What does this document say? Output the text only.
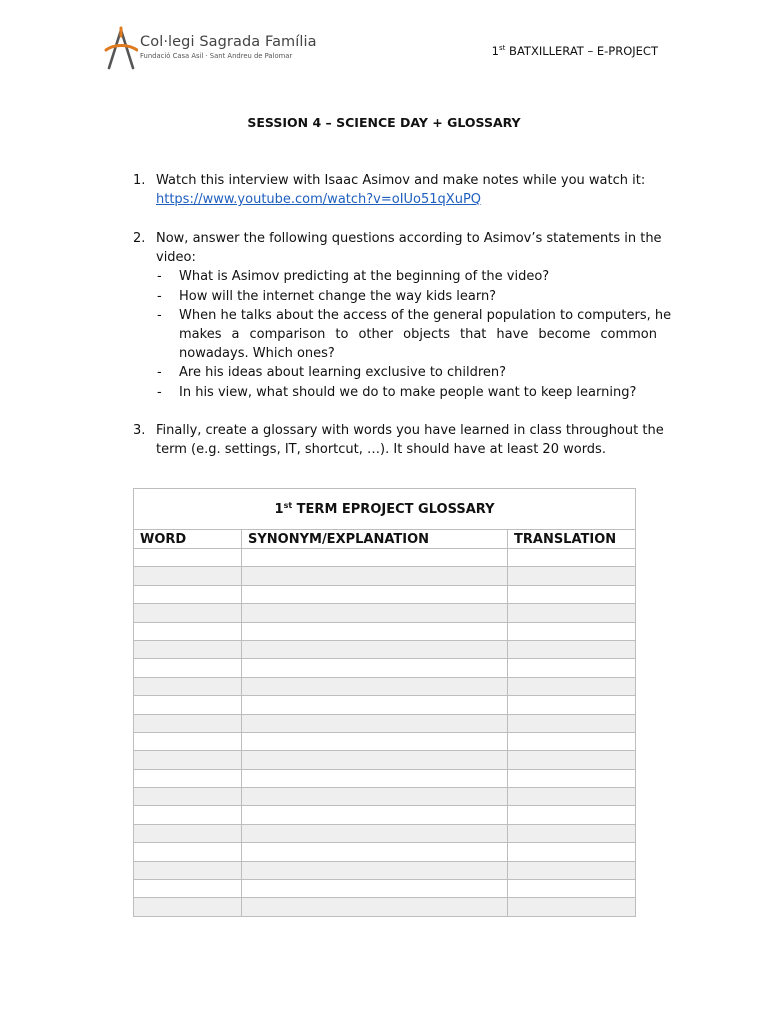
Col·legi Sagrada Família
Fundació Casa Asil · Sant Andreu de Palomar	1st BATXILLERAT – E-PROJECT
SESSION 4 – SCIENCE DAY + GLOSSARY
1. Watch this interview with Isaac Asimov and make notes while you watch it:
https://www.youtube.com/watch?v=oIUo51qXuPQ
2. Now, answer the following questions according to Asimov’s statements in the
video:
- What is Asimov predicting at the beginning of the video?
- How will the internet change the way kids learn?
- When he talks about the access of the general population to computers, he
makes a comparison to other objects that have become common
nowadays. Which ones?
- Are his ideas about learning exclusive to children?
- In his view, what should we do to make people want to keep learning?
3. Finally, create a glossary with words you have learned in class throughout the
term (e.g. settings, IT, shortcut, …). It should have at least 20 words.
1st TERM EPROJECT GLOSSARY		
WORD	SYNONYM/EXPLANATION	TRANSLATION
